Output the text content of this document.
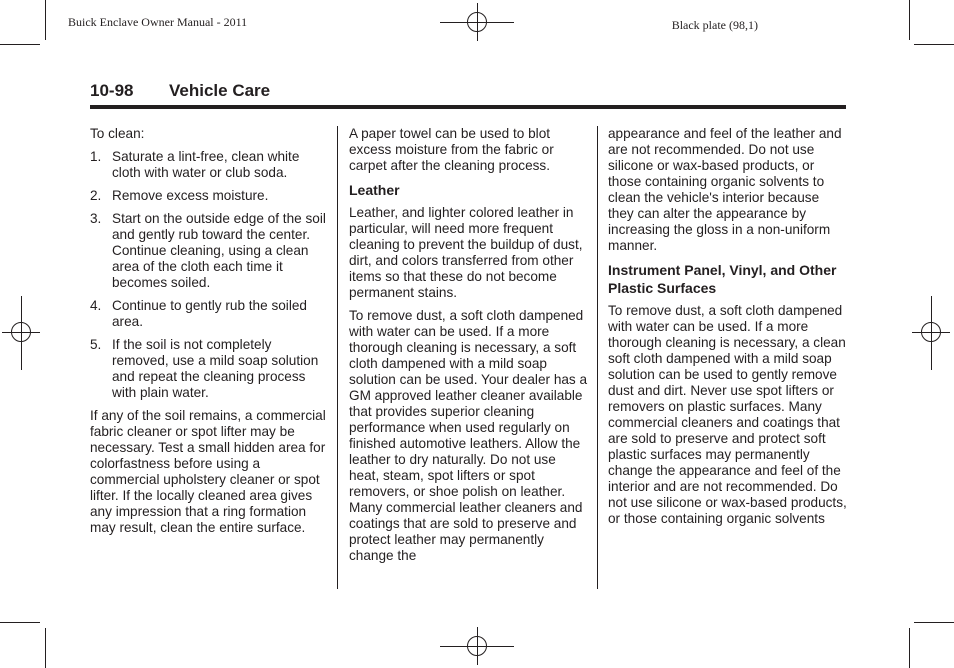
Buick Enclave Owner Manual - 2011	Black plate (98,1)
10-98 Vehicle Care

To clean:

1. Saturate a lint-free, clean white cloth with water or club soda.
2. Remove excess moisture.
3. Start on the outside edge of the soil and gently rub toward the center. Continue cleaning, using a clean area of the cloth each time it becomes soiled.
4. Continue to gently rub the soiled area.
5. If the soil is not completely removed, use a mild soap solution and repeat the cleaning process with plain water.

If any of the soil remains, a commercial fabric cleaner or spot lifter may be necessary. Test a small hidden area for colorfastness before using a commercial upholstery cleaner or spot lifter. If the locally cleaned area gives any impression that a ring formation may result, clean the entire surface.

A paper towel can be used to blot excess moisture from the fabric or carpet after the cleaning process.

Leather

Leather, and lighter colored leather in particular, will need more frequent cleaning to prevent the buildup of dust, dirt, and colors transferred from other items so that these do not become permanent stains.

To remove dust, a soft cloth dampened with water can be used. If a more thorough cleaning is necessary, a soft cloth dampened with a mild soap solution can be used. Your dealer has a GM approved leather cleaner available that provides superior cleaning performance when used regularly on finished automotive leathers. Allow the leather to dry naturally. Do not use heat, steam, spot lifters or spot removers, or shoe polish on leather. Many commercial leather cleaners and coatings that are sold to preserve and protect leather may permanently change the

appearance and feel of the leather and are not recommended. Do not use silicone or wax-based products, or those containing organic solvents to clean the vehicle's interior because they can alter the appearance by increasing the gloss in a non-uniform manner.

Instrument Panel, Vinyl, and Other Plastic Surfaces

To remove dust, a soft cloth dampened with water can be used. If a more thorough cleaning is necessary, a clean soft cloth dampened with a mild soap solution can be used to gently remove dust and dirt. Never use spot lifters or removers on plastic surfaces. Many commercial cleaners and coatings that are sold to preserve and protect soft plastic surfaces may permanently change the appearance and feel of the interior and are not recommended. Do not use silicone or wax-based products, or those containing organic solvents
